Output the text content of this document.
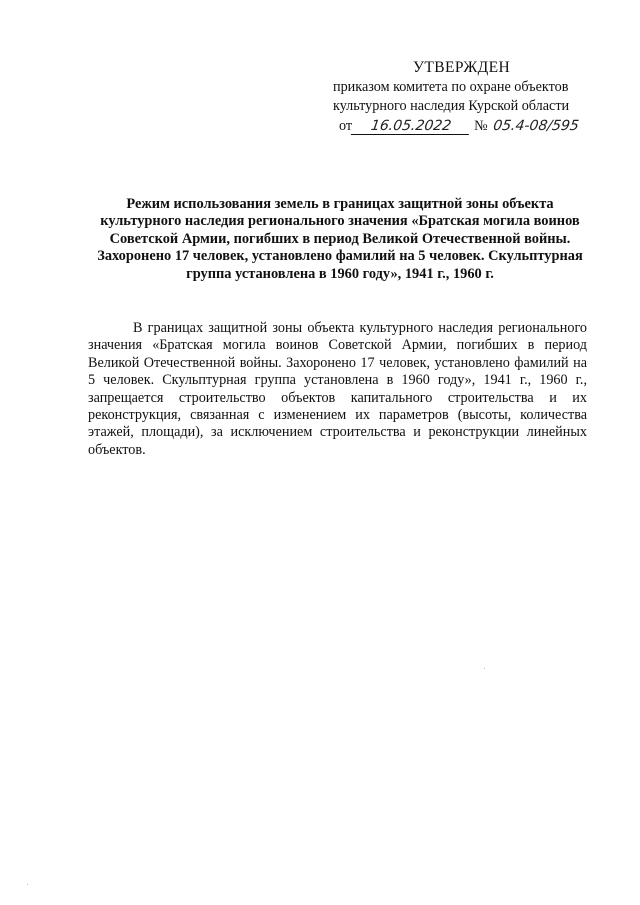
УТВЕРЖДЕН
приказом комитета по охране объектов
культурного наследия Курской области
от 16.05.2022 № 05.4-08/595
Режим использования земель в границах защитной зоны объекта культурного наследия регионального значения «Братская могила воинов Советской Армии, погибших в период Великой Отечественной войны. Захоронено 17 человек, установлено фамилий на 5 человек. Скульптурная группа установлена в 1960 году», 1941 г., 1960 г.
В границах защитной зоны объекта культурного наследия регионального значения «Братская могила воинов Советской Армии, погибших в период Великой Отечественной войны. Захоронено 17 человек, установлено фамилий на 5 человек. Скульптурная группа установлена в 1960 году», 1941 г., 1960 г., запрещается строительство объектов капитального строительства и их реконструкция, связанная с изменением их параметров (высоты, количества этажей, площади), за исключением строительства и реконструкции линейных объектов.
